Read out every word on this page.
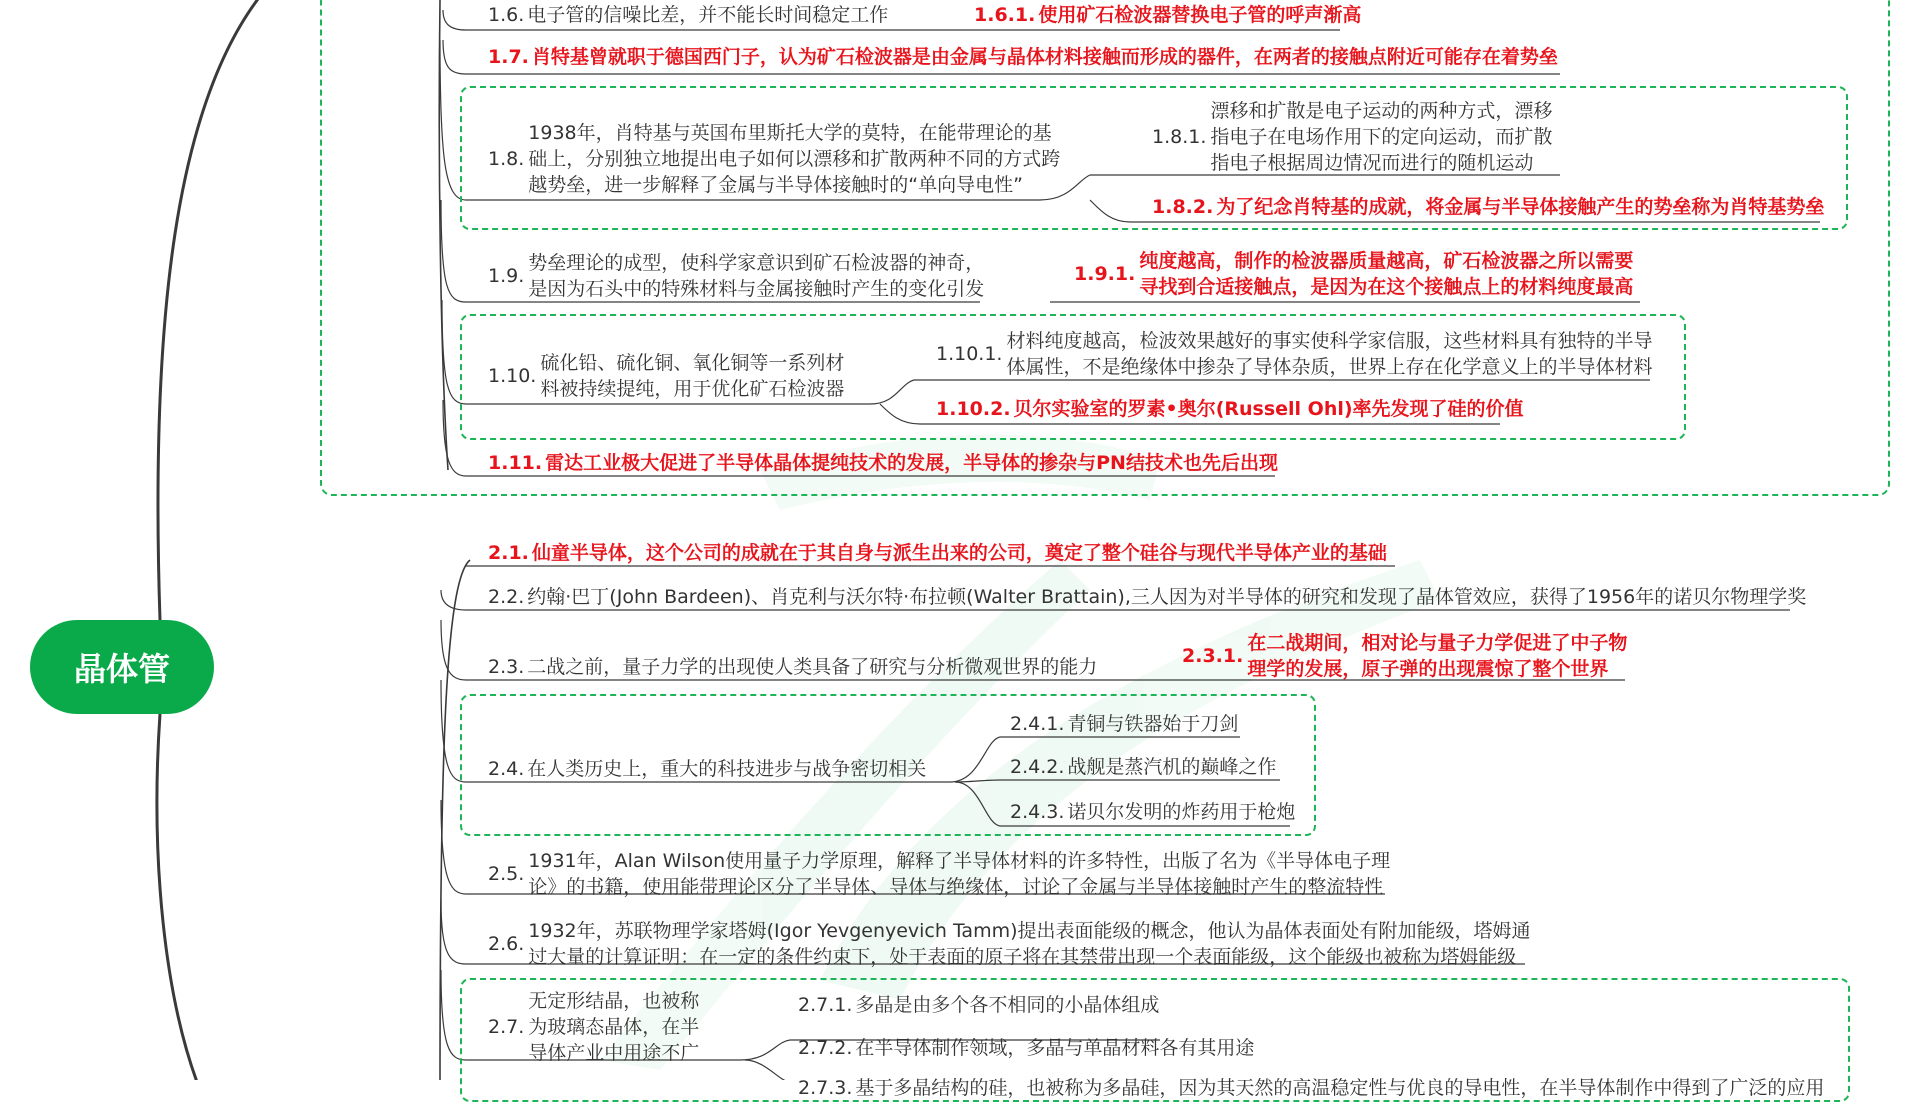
晶体管
1.6. 电子管的信噪比差，并不能长时间稳定工作	1.6.1. 使用矿石检波器替换电子管的呼声渐高
1.7. 肖特基曾就职于德国西门子，认为矿石检波器是由金属与晶体材料接触而形成的器件，在两者的接触点附近可能存在着势垒
1.8.
1938年，肖特基与英国布里斯托大学的莫特，在能带理论的基
础上，分别独立地提出电子如何以漂移和扩散两种不同的方式跨
越势垒，进一步解释了金属与半导体接触时的“单向导电性”
1.8.1.
漂移和扩散是电子运动的两种方式，漂移
指电子在电场作用下的定向运动，而扩散
指电子根据周边情况而进行的随机运动
1.8.2. 为了纪念肖特基的成就，将金属与半导体接触产生的势垒称为肖特基势垒
1.9.
势垒理论的成型，使科学家意识到矿石检波器的神奇，
是因为石头中的特殊材料与金属接触时产生的变化引发
1.9.1.
纯度越高，制作的检波器质量越高，矿石检波器之所以需要
寻找到合适接触点，是因为在这个接触点上的材料纯度最高
1.10.
硫化铅、硫化铜、氧化铜等一系列材
料被持续提纯，用于优化矿石检波器
1.10.1.
材料纯度越高，检波效果越好的事实使科学家信服，这些材料具有独特的半导
体属性，不是绝缘体中掺杂了导体杂质，世界上存在化学意义上的半导体材料
1.10.2. 贝尔实验室的罗素•奥尔(Russell Ohl)率先发现了硅的价值
1.11. 雷达工业极大促进了半导体晶体提纯技术的发展，半导体的掺杂与PN结技术也先后出现
2.1. 仙童半导体，这个公司的成就在于其自身与派生出来的公司，奠定了整个硅谷与现代半导体产业的基础
2.2. 约翰·巴丁(John Bardeen)、肖克利与沃尔特·布拉顿(Walter Brattain),三人因为对半导体的研究和发现了晶体管效应，获得了1956年的诺贝尔物理学奖
2.3. 二战之前，量子力学的出现使人类具备了研究与分析微观世界的能力	2.3.1.
在二战期间，相对论与量子力学促进了中子物
理学的发展，原子弹的出现震惊了整个世界
2.4. 在人类历史上，重大的科技进步与战争密切相关
2.4.1. 青铜与铁器始于刀剑
2.4.2. 战舰是蒸汽机的巅峰之作
2.4.3. 诺贝尔发明的炸药用于枪炮
2.5.
1931年，Alan Wilson使用量子力学原理，解释了半导体材料的许多特性，出版了名为《半导体电子理
论》的书籍，使用能带理论区分了半导体、导体与绝缘体，讨论了金属与半导体接触时产生的整流特性
2.6.
1932年，苏联物理学家塔姆(Igor Yevgenyevich Tamm)提出表面能级的概念，他认为晶体表面处有附加能级，塔姆通
过大量的计算证明：在一定的条件约束下，处于表面的原子将在其禁带出现一个表面能级，这个能级也被称为塔姆能级
2.7.
无定形结晶，也被称
为玻璃态晶体，在半
导体产业中用途不广
2.7.1. 多晶是由多个各不相同的小晶体组成
2.7.2. 在半导体制作领域，多晶与单晶材料各有其用途
2.7.3. 基于多晶结构的硅，也被称为多晶硅，因为其天然的高温稳定性与优良的导电性，在半导体制作中得到了广泛的应用
